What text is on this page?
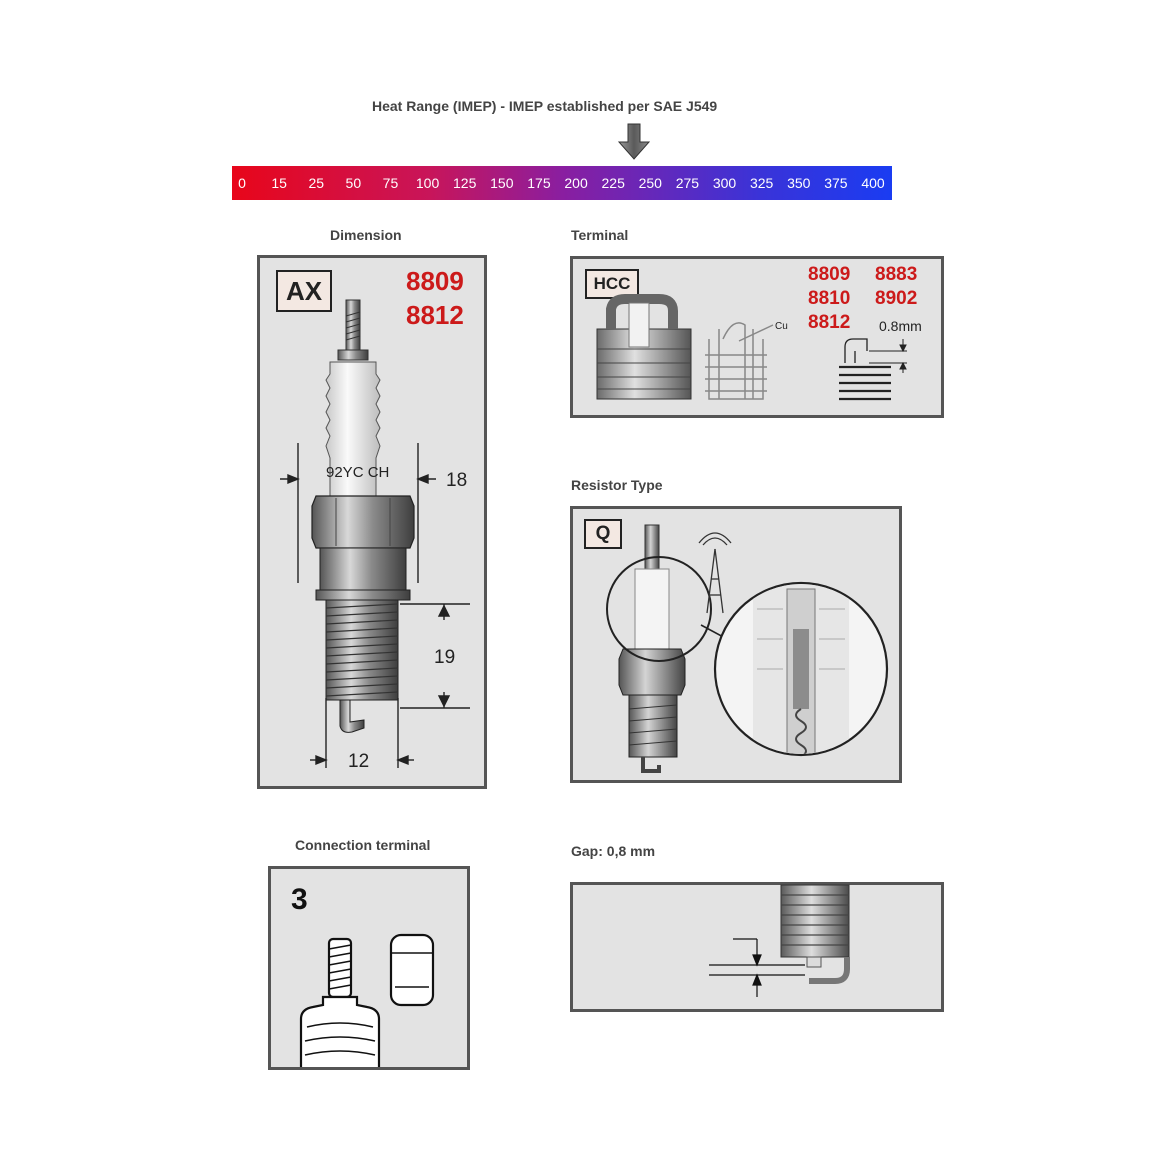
Heat Range (IMEP) - IMEP established per SAE J549
0 15 25 50 75 100 125 150 175 200 225 250 275 300 325 350 375 400
Dimension
AX	8809
8812
92YC CH	18
19
12
Terminal
HCC	8809 8883
8810 8902
8812 0.8mm
Cu
Resistor Type
Q
Connection terminal
3
Gap: 0,8 mm
